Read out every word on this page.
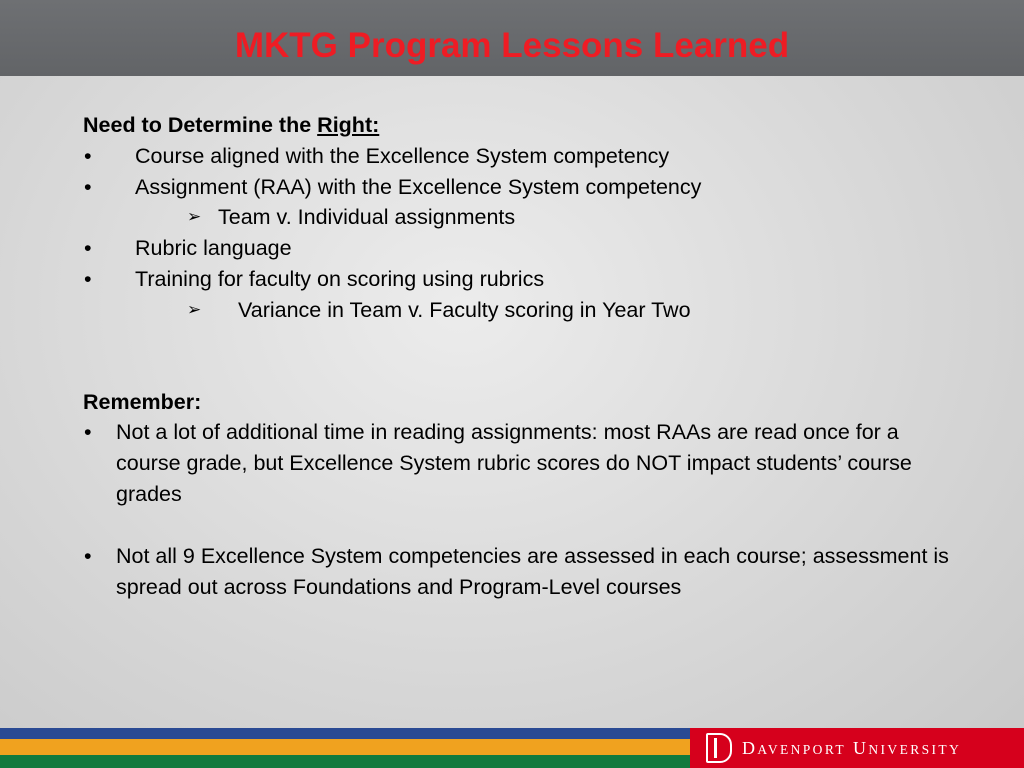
MKTG Program Lessons Learned
Need to Determine the Right:
• Course aligned with the Excellence System competency
• Assignment (RAA) with the Excellence System competency
➢ Team v. Individual assignments
• Rubric language
• Training for faculty on scoring using rubrics
➢ Variance in Team v. Faculty scoring in Year Two
Remember:
• Not a lot of additional time in reading assignments: most RAAs are read once for a course grade, but Excellence System rubric scores do NOT impact students’ course grades
• Not all 9 Excellence System competencies are assessed in each course; assessment is spread out across Foundations and Program-Level courses
DAVENPORT UNIVERSITY
